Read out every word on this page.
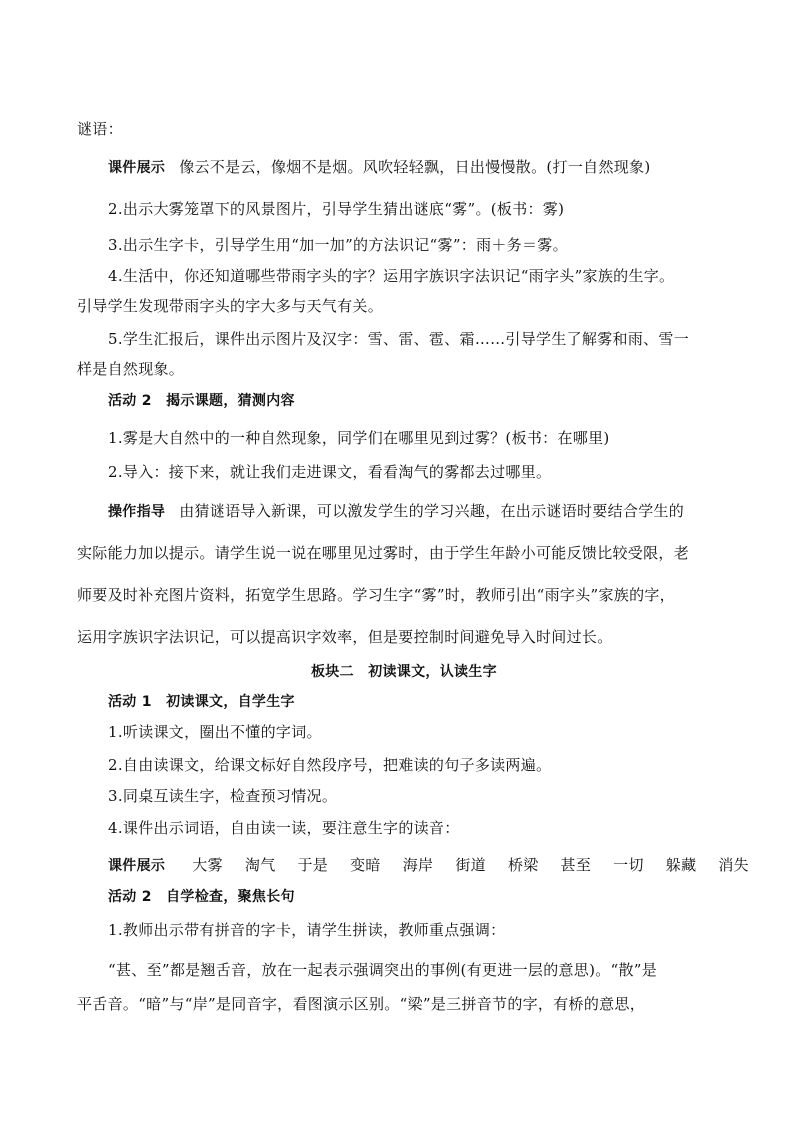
谜语：
课件展示 像云不是云，像烟不是烟。风吹轻轻飘，日出慢慢散。(打一自然现象)
2.出示大雾笼罩下的风景图片，引导学生猜出谜底“雾”。(板书：雾)
3.出示生字卡，引导学生用“加一加”的方法识记“雾”：雨＋务＝雾。
4.生活中，你还知道哪些带雨字头的字？运用字族识字法识记“雨字头”家族的生字。
引导学生发现带雨字头的字大多与天气有关。
5.学生汇报后，课件出示图片及汉字：雪、雷、雹、霜……引导学生了解雾和雨、雪一
样是自然现象。
活动 2　揭示课题，猜测内容
1.雾是大自然中的一种自然现象，同学们在哪里见到过雾？(板书：在哪里)
2.导入：接下来，就让我们走进课文，看看淘气的雾都去过哪里。
操作指导 由猜谜语导入新课，可以激发学生的学习兴趣，在出示谜语时要结合学生的
实际能力加以提示。请学生说一说在哪里见过雾时，由于学生年龄小可能反馈比较受限，老
师要及时补充图片资料，拓宽学生思路。学习生字“雾”时，教师引出“雨字头”家族的字，
运用字族识字法识记，可以提高识字效率，但是要控制时间避免导入时间过长。
板块二　初读课文，认读生字
活动 1　初读课文，自学生字
1.听读课文，圈出不懂的字词。
2.自由读课文，给课文标好自然段序号，把难读的句子多读两遍。
3.同桌互读生字，检查预习情况。
4.课件出示词语，自由读一读，要注意生字的读音：
课件展示 大雾 淘气 于是 变暗 海岸 街道 桥梁 甚至 一切 躲藏 消失
活动 2　自学检查，聚焦长句
1.教师出示带有拼音的字卡，请学生拼读，教师重点强调：
“甚、至”都是翘舌音，放在一起表示强调突出的事例(有更进一层的意思)。“散”是
平舌音。“暗”与“岸”是同音字，看图演示区别。“梁”是三拼音节的字，有桥的意思，
